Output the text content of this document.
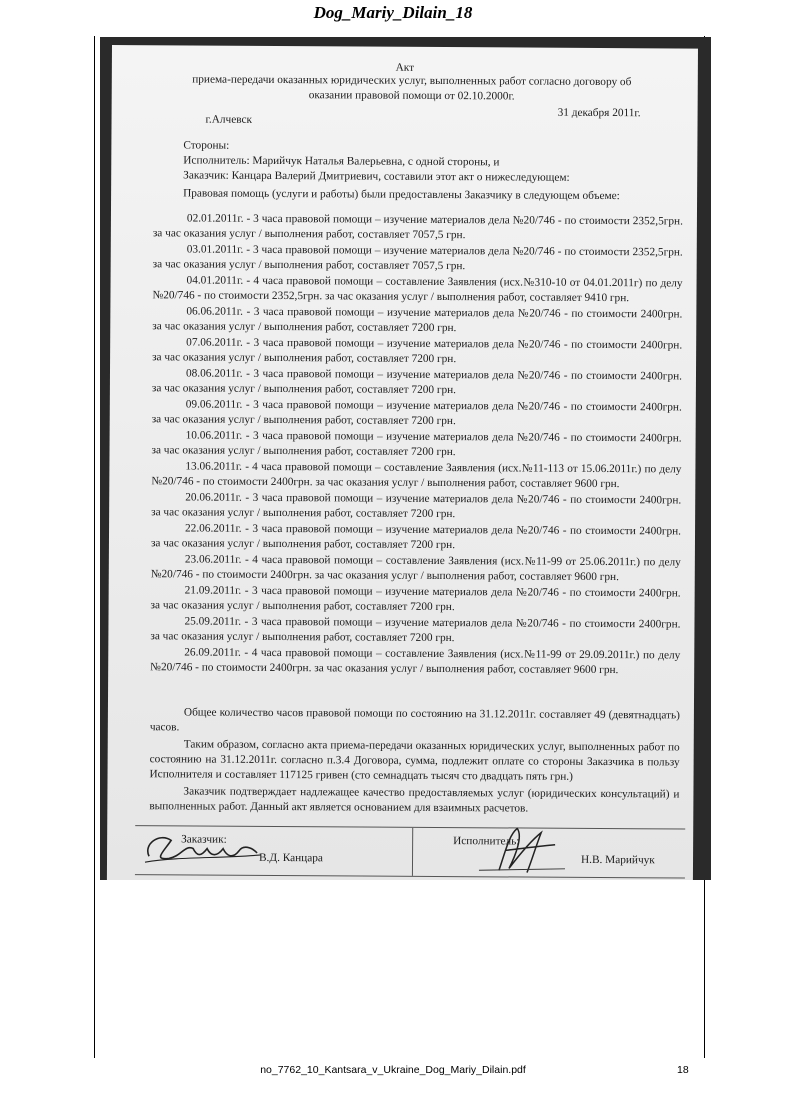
Dog_Mariy_Dilain_18
Акт
приема-передачи оказанных юридических услуг, выполненных работ согласно договору об оказании правовой помощи от 02.10.2000г.
г.Алчевск
31 декабря 2011г.
Стороны:
Исполнитель: Марийчук Наталья Валерьевна, с одной стороны, и
Заказчик: Канцара Валерий Дмитриевич, составили этот акт о нижеследующем:
Правовая помощь (услуги и работы) были предоставлены Заказчику в следующем объеме:

02.01.2011г. - 3 часа правовой помощи – изучение материалов дела №20/746 - по стоимости 2352,5грн. за час оказания услуг / выполнения работ, составляет 7057,5 грн.

03.01.2011г. - 3 часа правовой помощи – изучение материалов дела №20/746 - по стоимости 2352,5грн. за час оказания услуг / выполнения работ, составляет 7057,5 грн.

04.01.2011г. - 4 часа правовой помощи – составление Заявления (исх.№310-10 от 04.01.2011г) по делу №20/746 - по стоимости 2352,5грн. за час оказания услуг / выполнения работ, составляет 9410 грн.

06.06.2011г. - 3 часа правовой помощи – изучение материалов дела №20/746 - по стоимости 2400грн. за час оказания услуг / выполнения работ, составляет 7200 грн.

07.06.2011г. - 3 часа правовой помощи – изучение материалов дела №20/746 - по стоимости 2400грн. за час оказания услуг / выполнения работ, составляет 7200 грн.

08.06.2011г. - 3 часа правовой помощи – изучение материалов дела №20/746 - по стоимости 2400грн. за час оказания услуг / выполнения работ, составляет 7200 грн.

09.06.2011г. - 3 часа правовой помощи – изучение материалов дела №20/746 - по стоимости 2400грн. за час оказания услуг / выполнения работ, составляет 7200 грн.

10.06.2011г. - 3 часа правовой помощи – изучение материалов дела №20/746 - по стоимости 2400грн. за час оказания услуг / выполнения работ, составляет 7200 грн.

13.06.2011г. - 4 часа правовой помощи – составление Заявления (исх.№11-113 от 15.06.2011г.) по делу №20/746 - по стоимости 2400грн. за час оказания услуг / выполнения работ, составляет 9600 грн.

20.06.2011г. - 3 часа правовой помощи – изучение материалов дела №20/746 - по стоимости 2400грн. за час оказания услуг / выполнения работ, составляет 7200 грн.

22.06.2011г. - 3 часа правовой помощи – изучение материалов дела №20/746 - по стоимости 2400грн. за час оказания услуг / выполнения работ, составляет 7200 грн.

23.06.2011г. - 4 часа правовой помощи – составление Заявления (исх.№11-99 от 25.06.2011г.) по делу №20/746 - по стоимости 2400грн. за час оказания услуг / выполнения работ, составляет 9600 грн.

21.09.2011г. - 3 часа правовой помощи – изучение материалов дела №20/746 - по стоимости 2400грн. за час оказания услуг / выполнения работ, составляет 7200 грн.

25.09.2011г. - 3 часа правовой помощи – изучение материалов дела №20/746 - по стоимости 2400грн. за час оказания услуг / выполнения работ, составляет 7200 грн.

26.09.2011г. - 4 часа правовой помощи – составление Заявления (исх.№11-99 от 29.09.2011г.) по делу №20/746 - по стоимости 2400грн. за час оказания услуг / выполнения работ, составляет 9600 грн.

Общее количество часов правовой помощи по состоянию на 31.12.2011г. составляет 49 (девятнадцать) часов.

Таким образом, согласно акта приема-передачи оказанных юридических услуг, выполненных работ по состоянию на 31.12.2011г. согласно п.3.4 Договора, сумма, подлежит оплате со стороны Заказчика в пользу Исполнителя и составляет 117125 гривен (сто семнадцать тысяч сто двадцать пять грн.)

Заказчик подтверждает надлежащее качество предоставляемых услуг (юридических консультаций) и выполненных работ. Данный акт является основанием для взаимных расчетов.

Заказчик:
В.Д. Канцара
Исполнитель:
Н.В. Марийчук
no_7762_10_Kantsara_v_Ukraine_Dog_Mariy_Dilain.pdf	18
